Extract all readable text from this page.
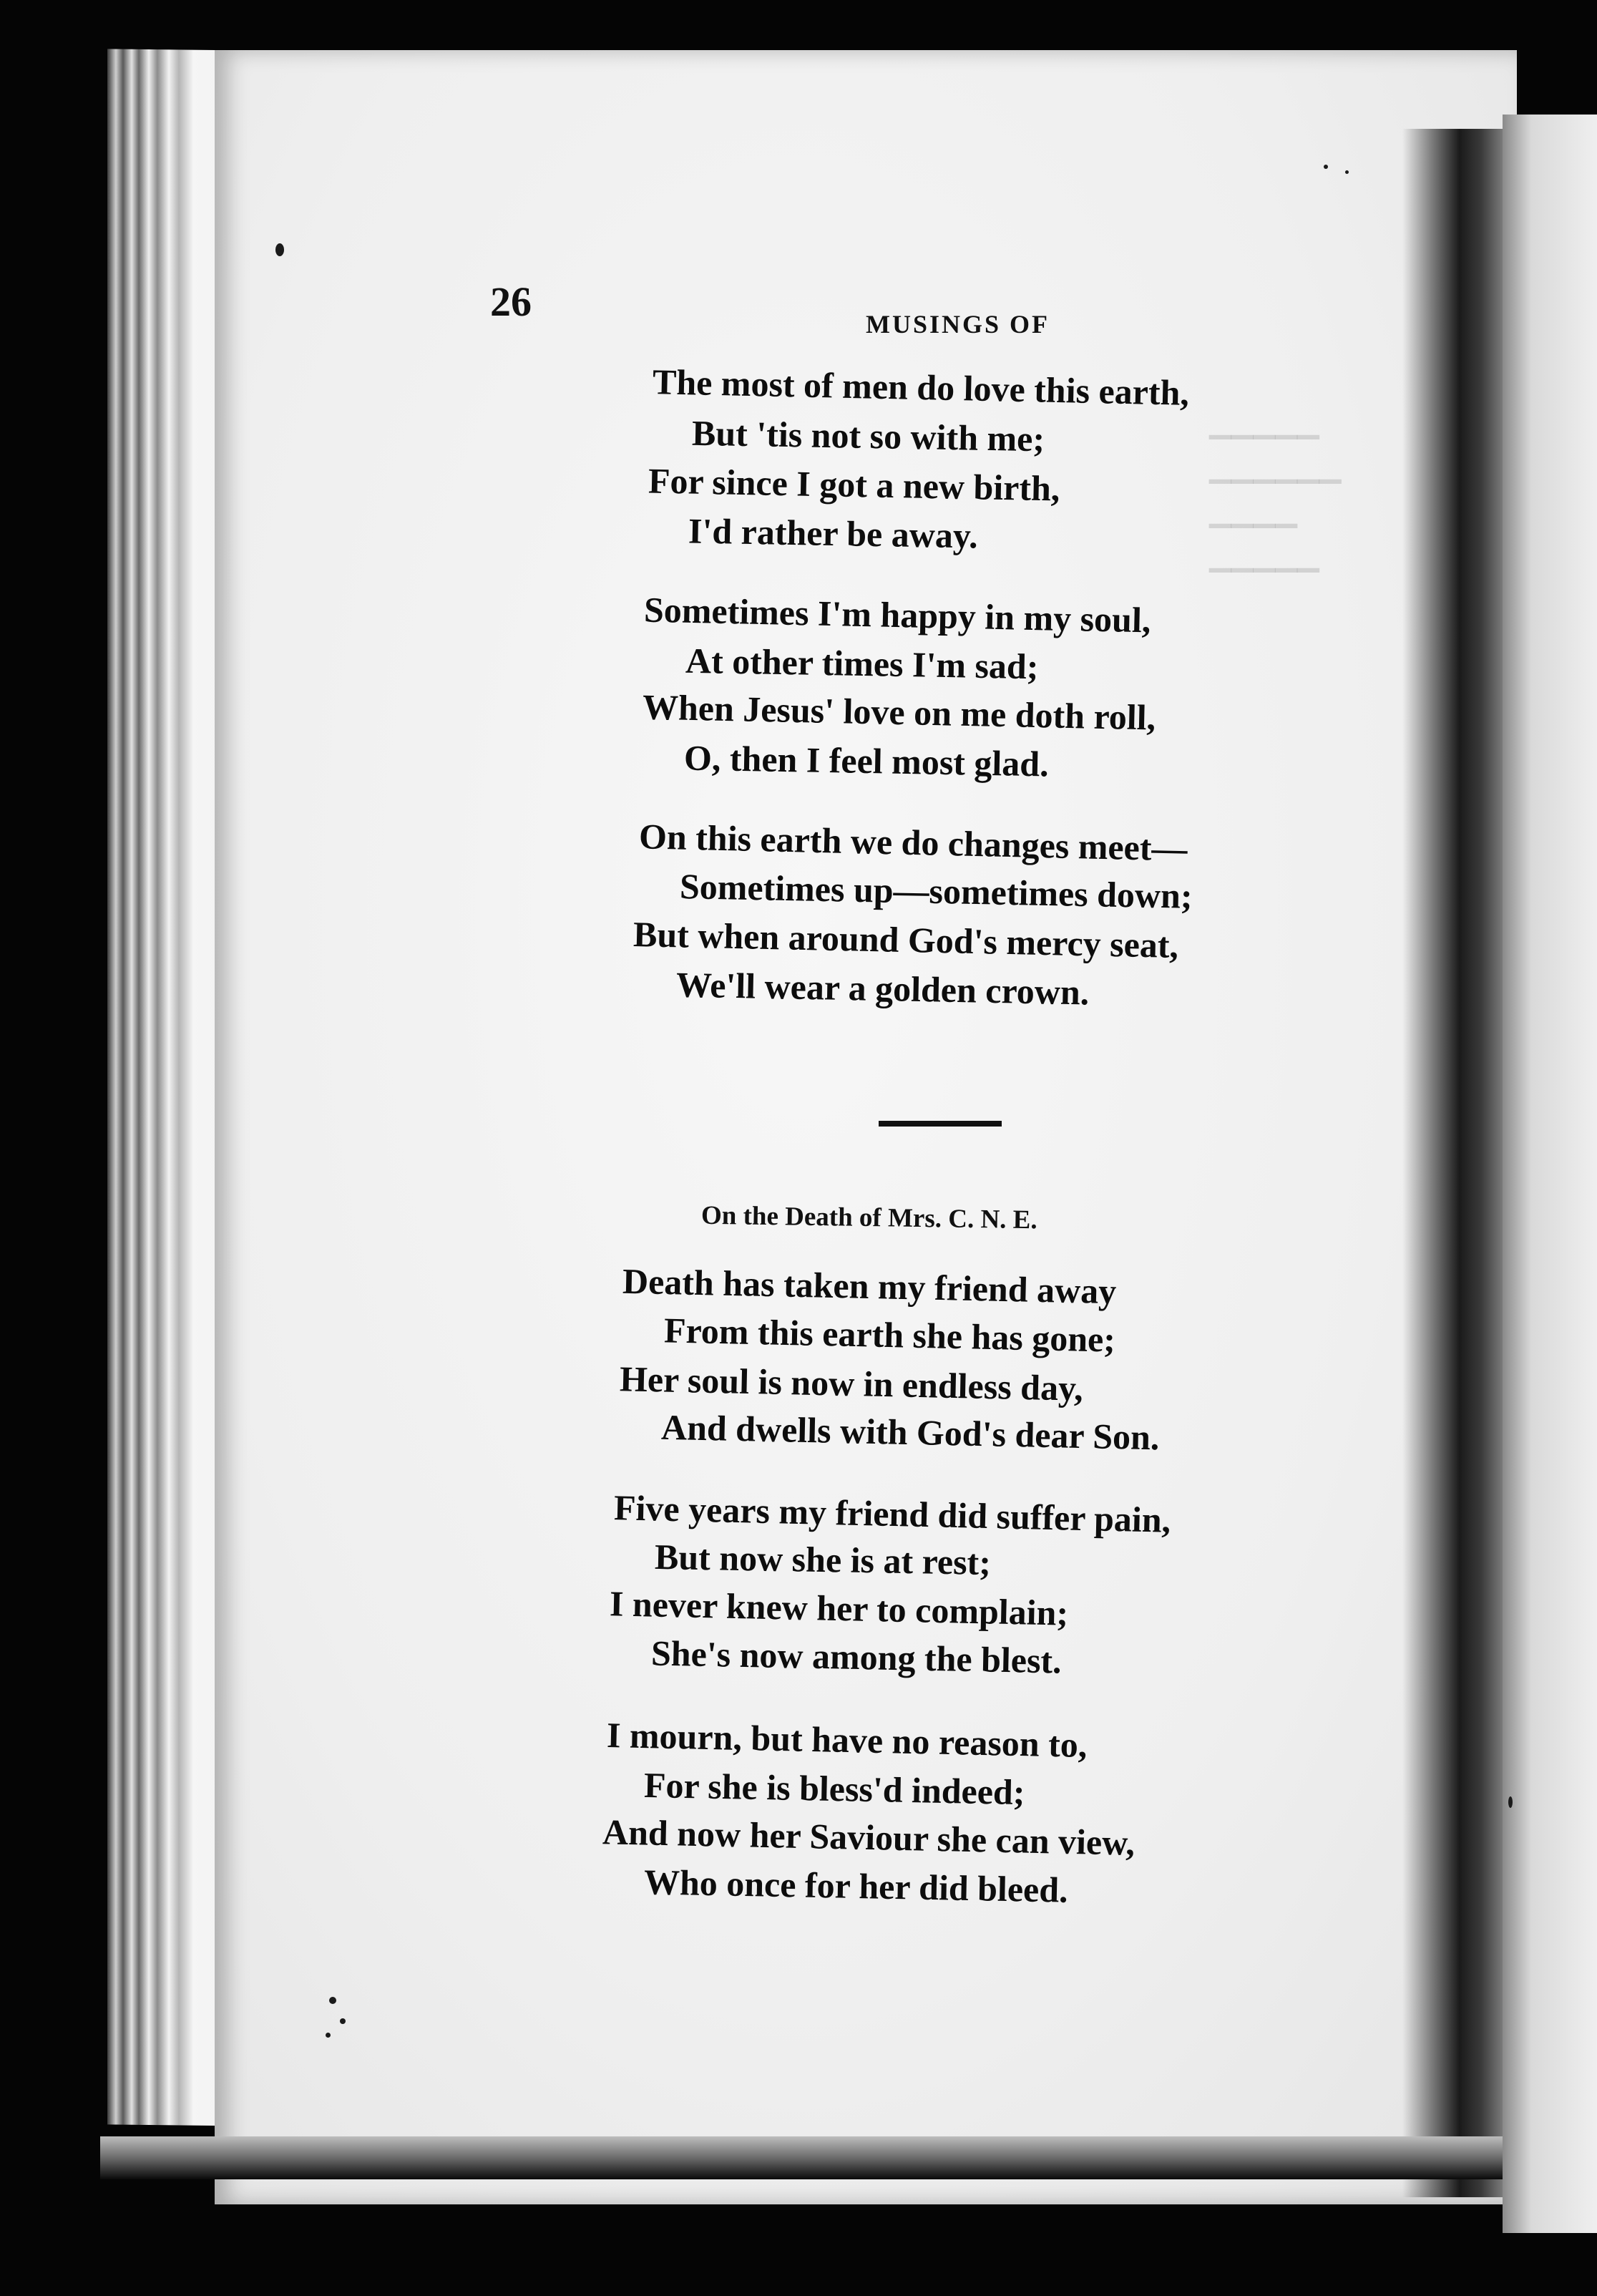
26	MUSINGS OF
The most of men do love this earth,
But 'tis not so with me;
For since I got a new birth,
I'd rather be away.
Sometimes I'm happy in my soul,
At other times I'm sad;
When Jesus' love on me doth roll,
O, then I feel most glad.
On this earth we do changes meet—
Sometimes up—sometimes down;
But when around God's mercy seat,
We'll wear a golden crown.
On the Death of Mrs. C. N. E.
Death has taken my friend away
From this earth she has gone;
Her soul is now in endless day,
And dwells with God's dear Son.
Five years my friend did suffer pain,
But now she is at rest;
I never knew her to complain;
She's now among the blest.
I mourn, but have no reason to,
For she is bless'd indeed;
And now her Saviour she can view,
Who once for her did bleed.
